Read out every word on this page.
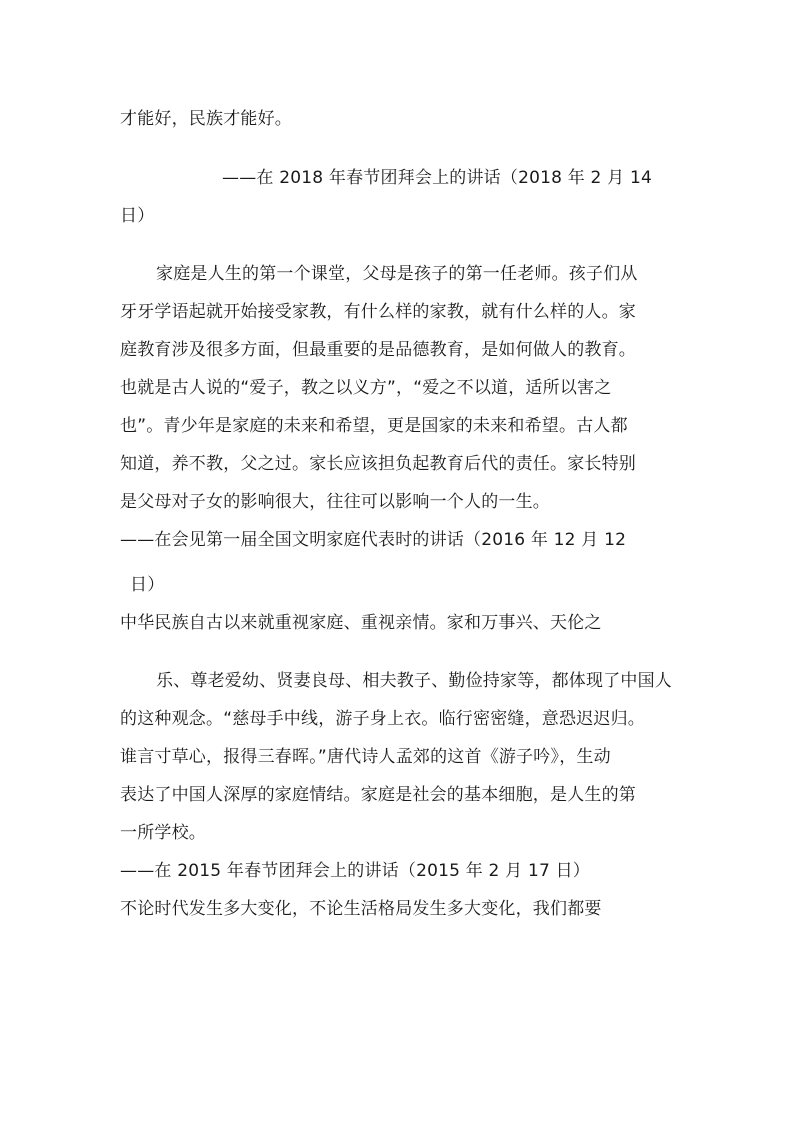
才能好，民族才能好。
——在 2018 年春节团拜会上的讲话（2018 年 2 月 14
日）
家庭是人生的第一个课堂，父母是孩子的第一任老师。孩子们从
牙牙学语起就开始接受家教，有什么样的家教，就有什么样的人。家
庭教育涉及很多方面，但最重要的是品德教育，是如何做人的教育。
也就是古人说的“爱子，教之以义方”，“爱之不以道，适所以害之
也”。青少年是家庭的未来和希望，更是国家的未来和希望。古人都
知道，养不教，父之过。家长应该担负起教育后代的责任。家长特别
是父母对子女的影响很大，往往可以影响一个人的一生。
——在会见第一届全国文明家庭代表时的讲话（2016 年 12 月 12
日）
中华民族自古以来就重视家庭、重视亲情。家和万事兴、天伦之
乐、尊老爱幼、贤妻良母、相夫教子、勤俭持家等，都体现了中国人
的这种观念。“慈母手中线，游子身上衣。临行密密缝，意恐迟迟归。
谁言寸草心，报得三春晖。”唐代诗人孟郊的这首《游子吟》，生动
表达了中国人深厚的家庭情结。家庭是社会的基本细胞，是人生的第
一所学校。
——在 2015 年春节团拜会上的讲话（2015 年 2 月 17 日）
不论时代发生多大变化，不论生活格局发生多大变化，我们都要
